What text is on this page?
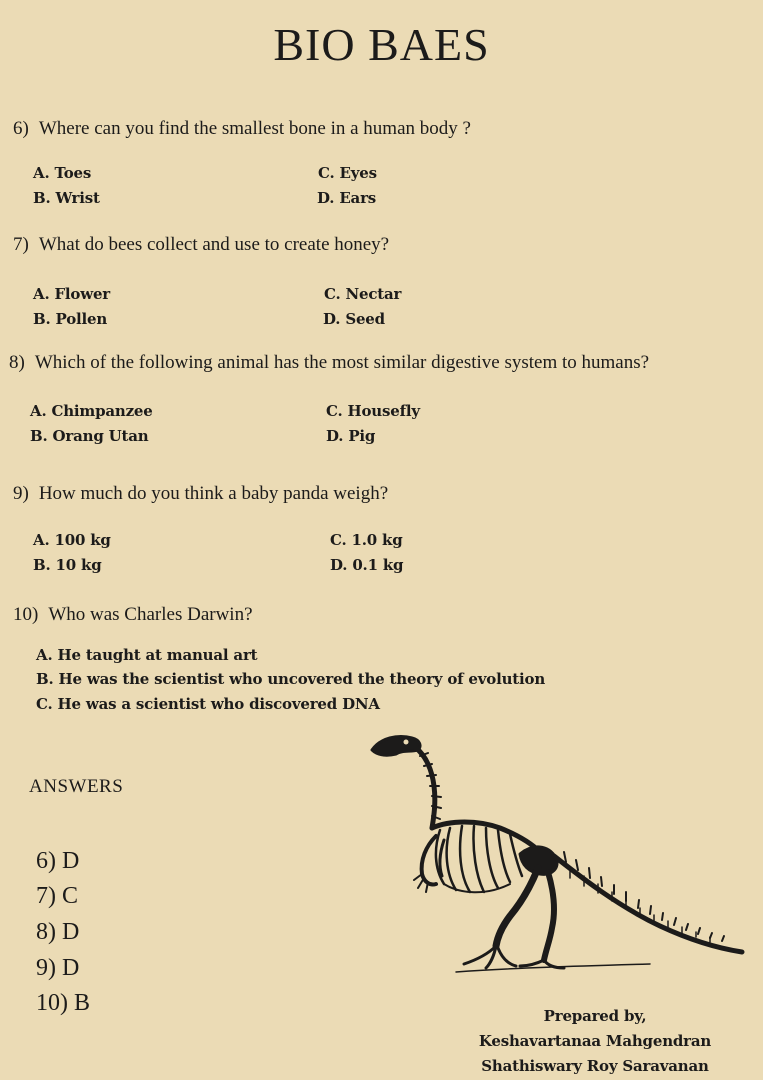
BIO BAES
6) Where can you find the smallest bone in a human body ?
A. Toes
B. Wrist
C. Eyes
D. Ears
7) What do bees collect and use to create honey?
A. Flower
B. Pollen
C. Nectar
D. Seed
8) Which of the following animal has the most similar digestive system to humans?
A. Chimpanzee
B. Orang Utan
C. Housefly
D. Pig
9) How much do you think a baby panda weigh?
A. 100 kg
B. 10 kg
C. 1.0 kg
D. 0.1 kg
10) Who was Charles Darwin?
A. He taught at manual art
B. He was the scientist who uncovered the theory of evolution
C. He was a scientist who discovered DNA
ANSWERS
6) D
7) C
8) D
9) D
10) B	Prepared by,
Keshavartanaa Mahgendran
Shathiswary Roy Saravanan
